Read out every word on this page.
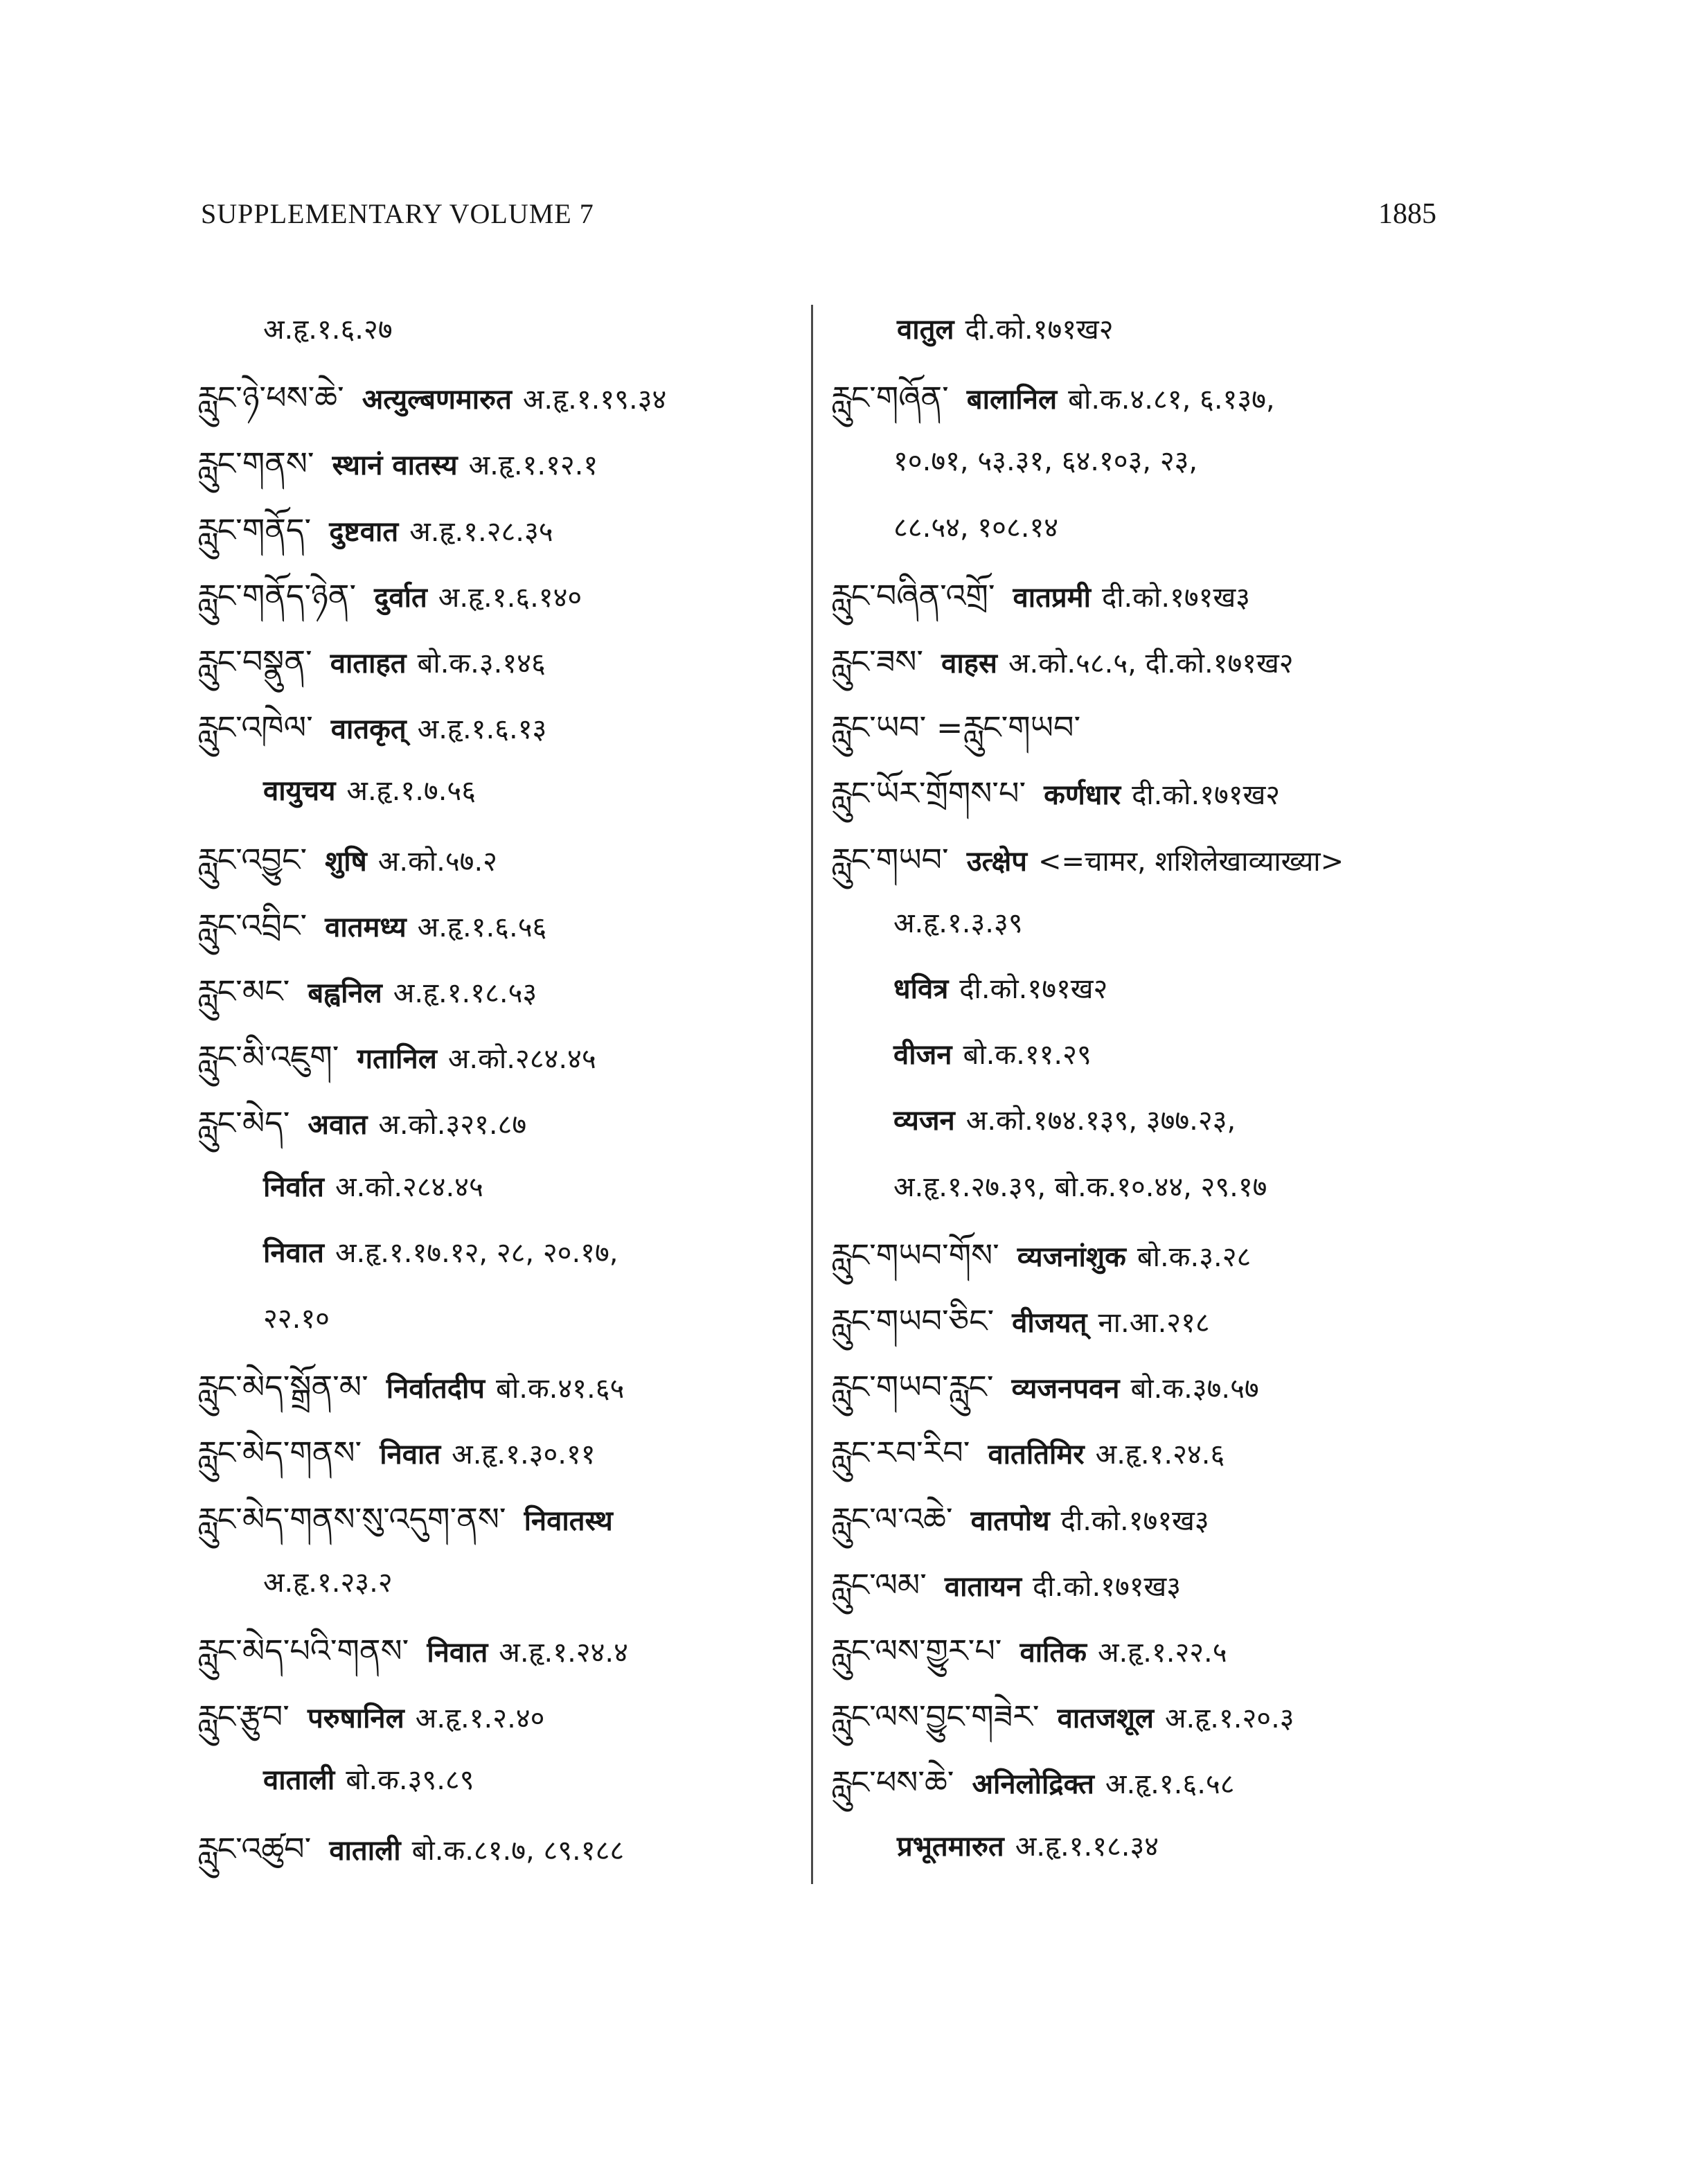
SUPPLEMENTARY VOLUME 7	1885
अ.हृ.१.६.२७
རླུང་ཉེ་ཕས་ཆེ་ अत्युल्बणमारुत अ.हृ.१.१९.३४
རླུང་གནས་ स्थानं वातस्य अ.हृ.१.१२.१
རླུང་གནོད་ दुष्टवात अ.हृ.१.२८.३५
རླུང་གནོད་ཉེན་ दुर्वात अ.हृ.१.६.१४०
རླུང་བསྣུན་ वाताहत बो.क.३.१४६
རླུང་འཁེལ་ वातकृत् अ.हृ.१.६.१३
वायुचय अ.हृ.१.७.५६
རླུང་འབྱུང་ शुषि अ.को.५७.२
རླུང་འབྲིང་ वातमध्य अ.हृ.१.६.५६
རླུང་མང་ बह्वनिल अ.हृ.१.१८.५३
རླུང་མི་འཇུག་ गतानिल अ.को.२८४.४५
རླུང་མེད་ अवात अ.को.३२१.८७
निर्वात अ.को.२८४.४५
निवात अ.हृ.१.१७.१२, २८, २०.१७,
२२.१०
རླུང་མེད་སྒྲོན་མ་ निर्वातदीप बो.क.४१.६५
རླུང་མེད་གནས་ निवात अ.हृ.१.३०.११
རླུང་མེད་གནས་སུ་འདུག་ནས་ निवातस्थ
अ.हृ.१.२३.२
རླུང་མེད་པའི་གནས་ निवात अ.हृ.१.२४.४
རླུང་རྩུབ་ परुषानिल अ.हृ.१.२.४०
वाताली बो.क.३९.८९
རླུང་འཚུབ་ वाताली बो.क.८१.७, ८९.१८८
वातुल दी.को.१७१ख२
རླུང་གཞོན་ बालानिल बो.क.४.८१, ६.१३७,
१०.७१, ५३.३१, ६४.१०३, २३,
८८.५४, १०८.१४
རླུང་བཞིན་འགྲོ་ वातप्रमी दी.को.१७१ख३
རླུང་ཟས་ वाहस अ.को.५८.५, दी.को.१७१ख२
རླུང་ཡབ་ =རླུང་གཡབ་
རླུང་ཡོར་གྲོགས་པ་ कर्णधार दी.को.१७१ख२
རླུང་གཡབ་ उत्क्षेप <=चामर, शशिलेखाव्याख्या>
अ.हृ.१.३.३९
धवित्र दी.को.१७१ख२
वीजन बो.क.११.२९
व्यजन अ.को.१७४.१३९, ३७७.२३,
अ.हृ.१.२७.३९, बो.क.१०.४४, २९.१७
རླུང་གཡབ་གོས་ व्यजनांशुक बो.क.३.२८
རླུང་གཡབ་ཅིང་ वीजयत् ना.आ.२१८
རླུང་གཡབ་རླུང་ व्यजनपवन बो.क.३७.५७
རླུང་རབ་རིབ་ वाततिमिर अ.हृ.१.२४.६
རླུང་ལ་འཆེ་ वातपोथ दी.को.१७१ख३
རླུང་ལམ་ वातायन दी.को.१७१ख३
རླུང་ལས་གྱུར་པ་ वातिक अ.हृ.१.२२.५
རླུང་ལས་བྱུང་གཟེར་ वातजशूल अ.हृ.१.२०.३
རླུང་ཕས་ཆེ་ अनिलोद्रिक्त अ.हृ.१.६.५८
प्रभूतमारुत अ.हृ.१.१८.३४
